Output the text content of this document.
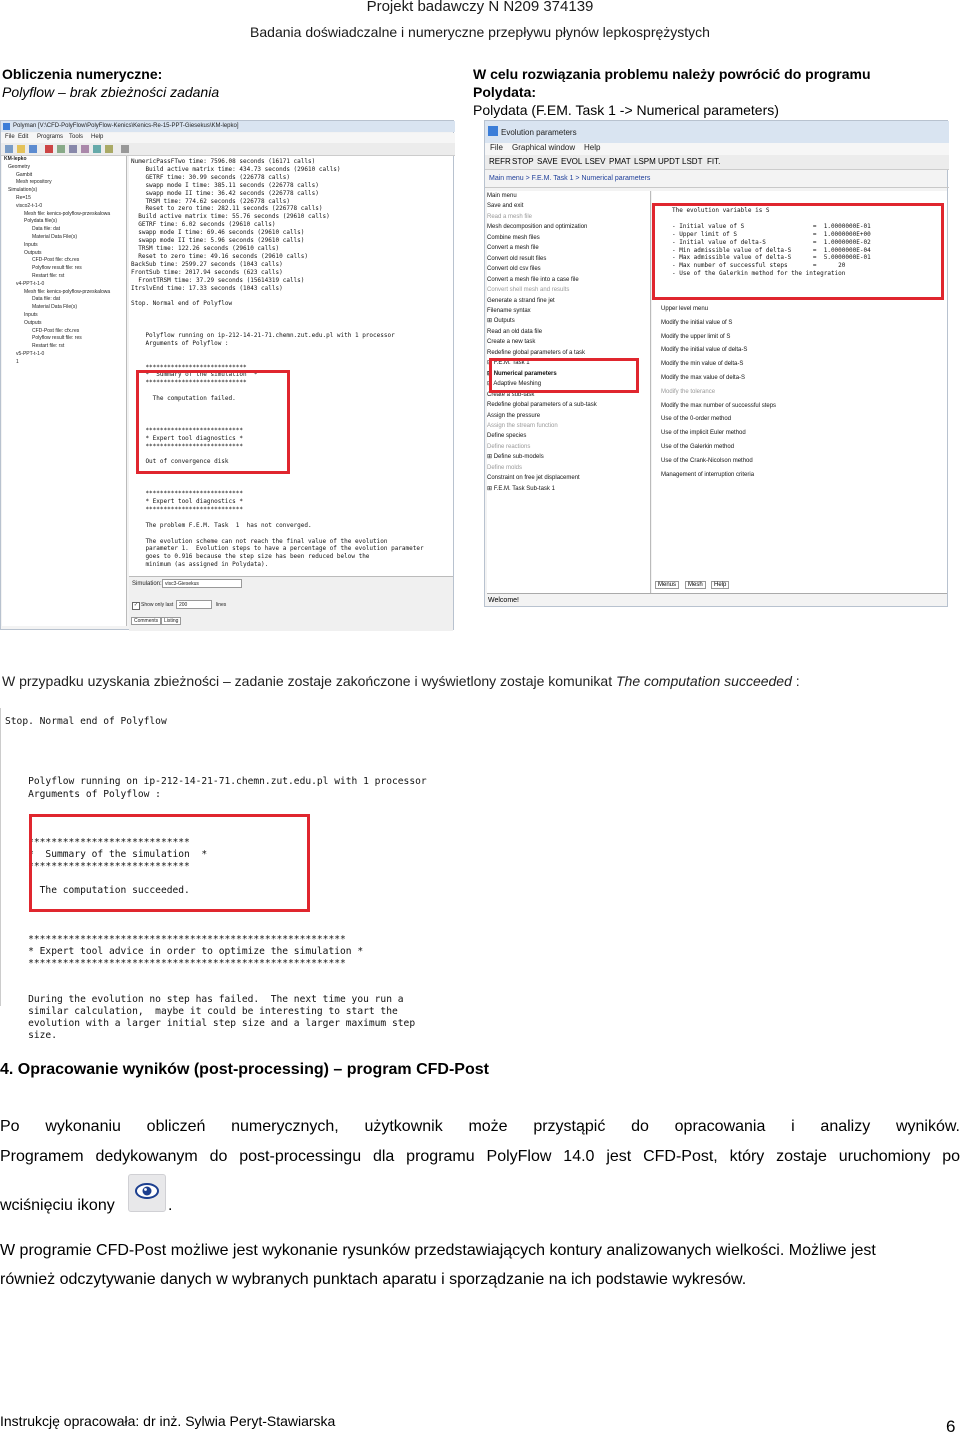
Projekt badawczy N N209 374139
Badania doświadczalne i numeryczne przepływu płynów lepkosprężystych
Obliczenia numeryczne:
Polyflow – brak zbieżności zadania
W celu rozwiązania problemu należy powrócić do programu
Polydata:
Polydata (F.EM. Task 1 -> Numerical parameters)
Polyman [V:\CFD-PolyFlow\PolyFlow-Kenics\Kenics-Re-15-PPT-Giesekus\KM-lepko]
File Edit Programs Tools Help
KM-lepko
Geometry
Gambit
Mesh repository
Simulation(s)
Re=15
visco2-t-1-0
Mesh file: kenics-polyflow-przeskalowa
Polydata file(s)
Data file: dat
Material Data File(s)
Inputs
Outputs
CFD-Post file: cfx.res
Polyflow result file: res
Restart file: rst
v4-PPT-t-1-0
Mesh file: kenics-polyflow-przeskalowa
Data file: dat
Material Data File(s)
Inputs
Outputs
CFD-Post file: cfx.res
Polyflow result file: res
Restart file: rst
v5-PPT-t-1-0
1
NumericPassFTwo time: 7596.08 seconds (16171 calls)
Build active matrix time: 434.73 seconds (29610 calls)
GETRF time: 30.99 seconds (226778 calls)
swapp mode I time: 385.11 seconds (226778 calls)
swapp mode II time: 36.42 seconds (226778 calls)
TRSM time: 774.62 seconds (226778 calls)
Reset to zero time: 282.11 seconds (226778 calls)
Build active matrix time: 55.76 seconds (29610 calls)
GETRF time: 6.02 seconds (29610 calls)
swapp mode I time: 69.46 seconds (29610 calls)
swapp mode II time: 5.96 seconds (29610 calls)
TRSM time: 122.26 seconds (29610 calls)
Reset to zero time: 49.16 seconds (29610 calls)
BackSub time: 2599.27 seconds (1043 calls)
FrontSub time: 2017.94 seconds (623 calls)
FrontTRSM time: 37.29 seconds (15614319 calls)
ItrslvEnd time: 17.33 seconds (1043 calls)

Stop. Normal end of Polyflow

Polyflow running on ip-212-14-21-71.chemn.zut.edu.pl with 1 processor
Arguments of Polyflow :

****************************
*  Summary of the simulation  *
****************************

The computation failed.

***************************
* Expert tool diagnostics *
***************************

Out of convergence disk

***************************
* Expert tool diagnostics *
***************************

The problem F.E.M. Task  1  has not converged.

The evolution scheme can not reach the final value of the evolution
parameter 1.  Evolution steps to have a percentage of the evolution parameter
goes to 0.916 because the step size has been reduced below the
minimum (as assigned in Polydata).
Simulation: visc3-Giesekus
✓ Show only last	200	lines
Comments	Listing
Evolution parameters
File Graphical window Help
REFR STOP SAVE EVOL LSEV PMAT LSPM UPDT LSDT FIT.
Main menu > F.E.M. Task 1 > Numerical parameters
Main menu
Save and exit
Read a mesh file
Mesh decomposition and optimization
Combine mesh files
Convert a mesh file
Convert old result files
Convert old csv files
Convert a mesh file into a case file
Convert shell mesh and results
Generate a strand fine jet
Filename syntax
⊞ Outputs
Read an old data file
Create a new task
Redefine global parameters of a task
⊟ F.E.M. Task 1
⊟ Numerical parameters
⊞ Adaptive Meshing
Create a sub-task
Redefine global parameters of a sub-task
Assign the pressure
Assign the stream function
Define species
Define reactions
⊞ Define sub-models
Define molds
Constraint on free jet displacement
⊞ F.E.M. Task Sub-task 1
The evolution variable is S

- Initial value of S                   =  1.0000000E-01
- Upper limit of S                     =  1.0000000E+00
- Initial value of delta-S             =  1.0000000E-02
- Min admissible value of delta-S      =  1.0000000E-04
- Max admissible value of delta-S      =  5.0000000E-01
- Max number of successful steps       =      20
- Use of the Galerkin method for the integration
Upper level menu
Modify the initial value of S
Modify the upper limit of S
Modify the initial value of delta-S
Modify the min value of delta-S
Modify the max value of delta-S
Modify the tolerance
Modify the max number of successful steps
Use of the 0-order method
Use of the implicit Euler method
Use of the Galerkin method
Use of the Crank-Nicolson method
Management of interruption criteria
Menus	Mesh	Help
Welcome!
W przypadku uzyskania zbieżności – zadanie zostaje zakończone i wyświetlony zostaje komunikat The computation succeeded :
Stop. Normal end of Polyflow

Polyflow running on ip-212-14-21-71.chemn.zut.edu.pl with 1 processor
Arguments of Polyflow :

****************************
*  Summary of the simulation  *
****************************

The computation succeeded.

*******************************************************
* Expert tool advice in order to optimize the simulation *
*******************************************************

During the evolution no step has failed.  The next time you run a
similar calculation,  maybe it could be interesting to start the
evolution with a larger initial step size and a larger maximum step
size.
4. Opracowanie wyników (post-processing) – program CFD-Post
Po wykonaniu obliczeń numerycznych, użytkownik może przystąpić do opracowania i analizy wyników.
Programem dedykowanym do post-processingu dla programu PolyFlow 14.0 jest CFD-Post, który zostaje uruchomiony po
wciśnięciu ikony	.
W programie CFD-Post możliwe jest wykonanie rysunków przedstawiających kontury analizowanych wielkości. Możliwe jest
również odczytywanie danych w wybranych punktach aparatu i sporządzanie na ich podstawie wykresów.
Instrukcję opracowała: dr inż. Sylwia Peryt-Stawiarska	6
